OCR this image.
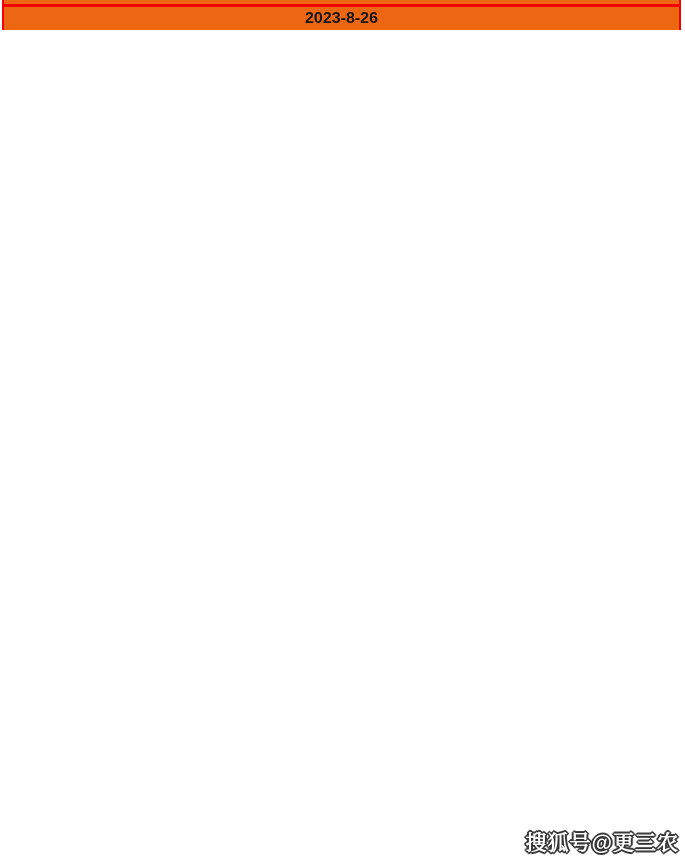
2023-8-26
搜狐号@更三农
